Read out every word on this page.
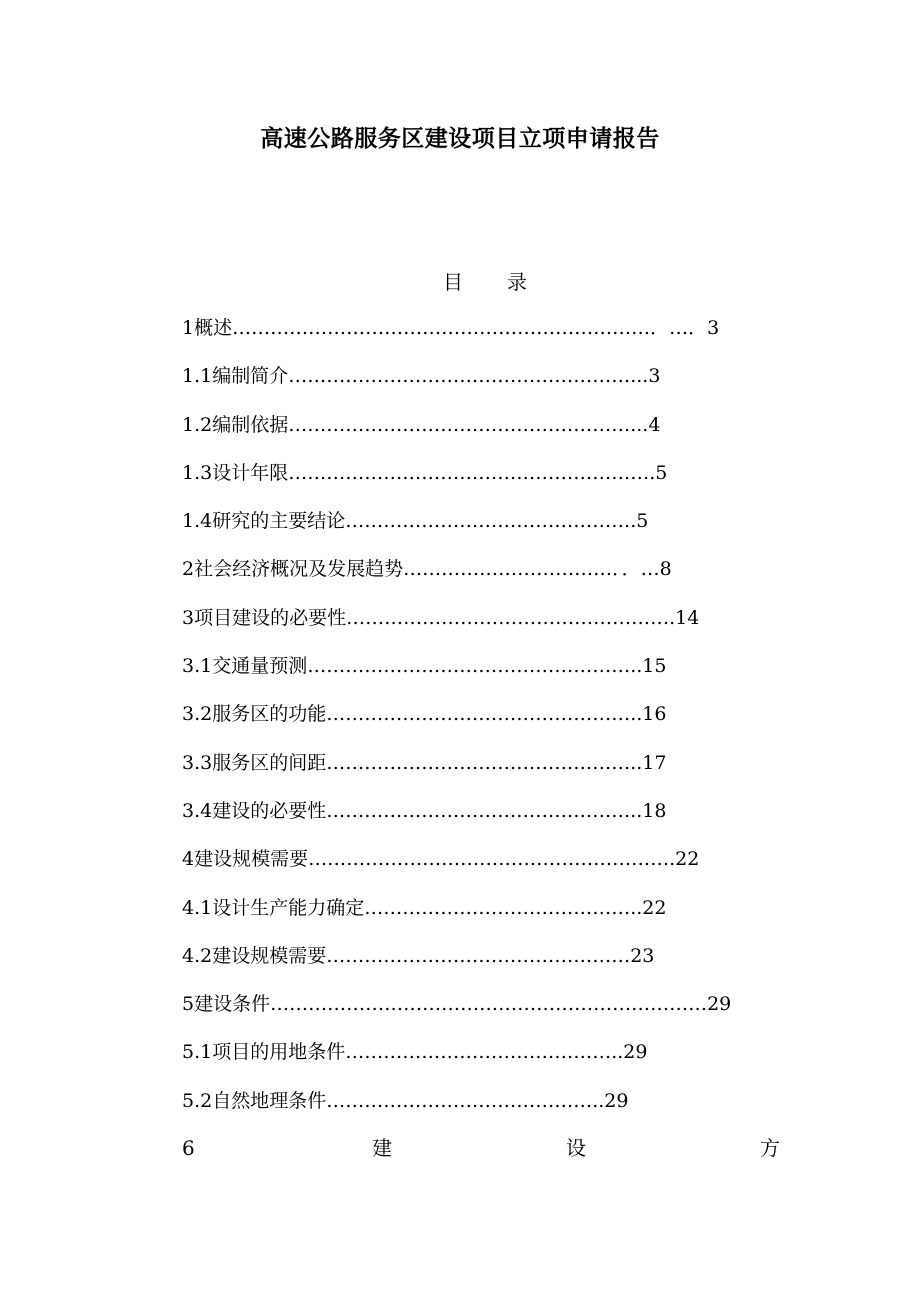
高速公路服务区建设项目立项申请报告
目 录
1概述…………………………………………………………．…．3
1.1编制简介………………………………………………...3
1.2编制依据………………………………………………...4
1.3设计年限………………………………………………….5
1.4研究的主要结论……………………………………….5
2社会经济概况及发展趋势……………………………．．…8
3项目建设的必要性…………………………………………….14
3.1交通量预测……………………………………………..15
3.2服务区的功能…………………………………………..16
3.3服务区的间距…………………………………………..17
3.4建设的必要性…………………………………………..18
4建设规模需要………………………………………………….22
4.1设计生产能力确定……………………………………..22
4.2建设规模需要…………………………………………23
5建设条件……………………………………………………………29
5.1项目的用地条件……………………………………..29
5.2自然地理条件……………………………………..29
6	建	设	方
